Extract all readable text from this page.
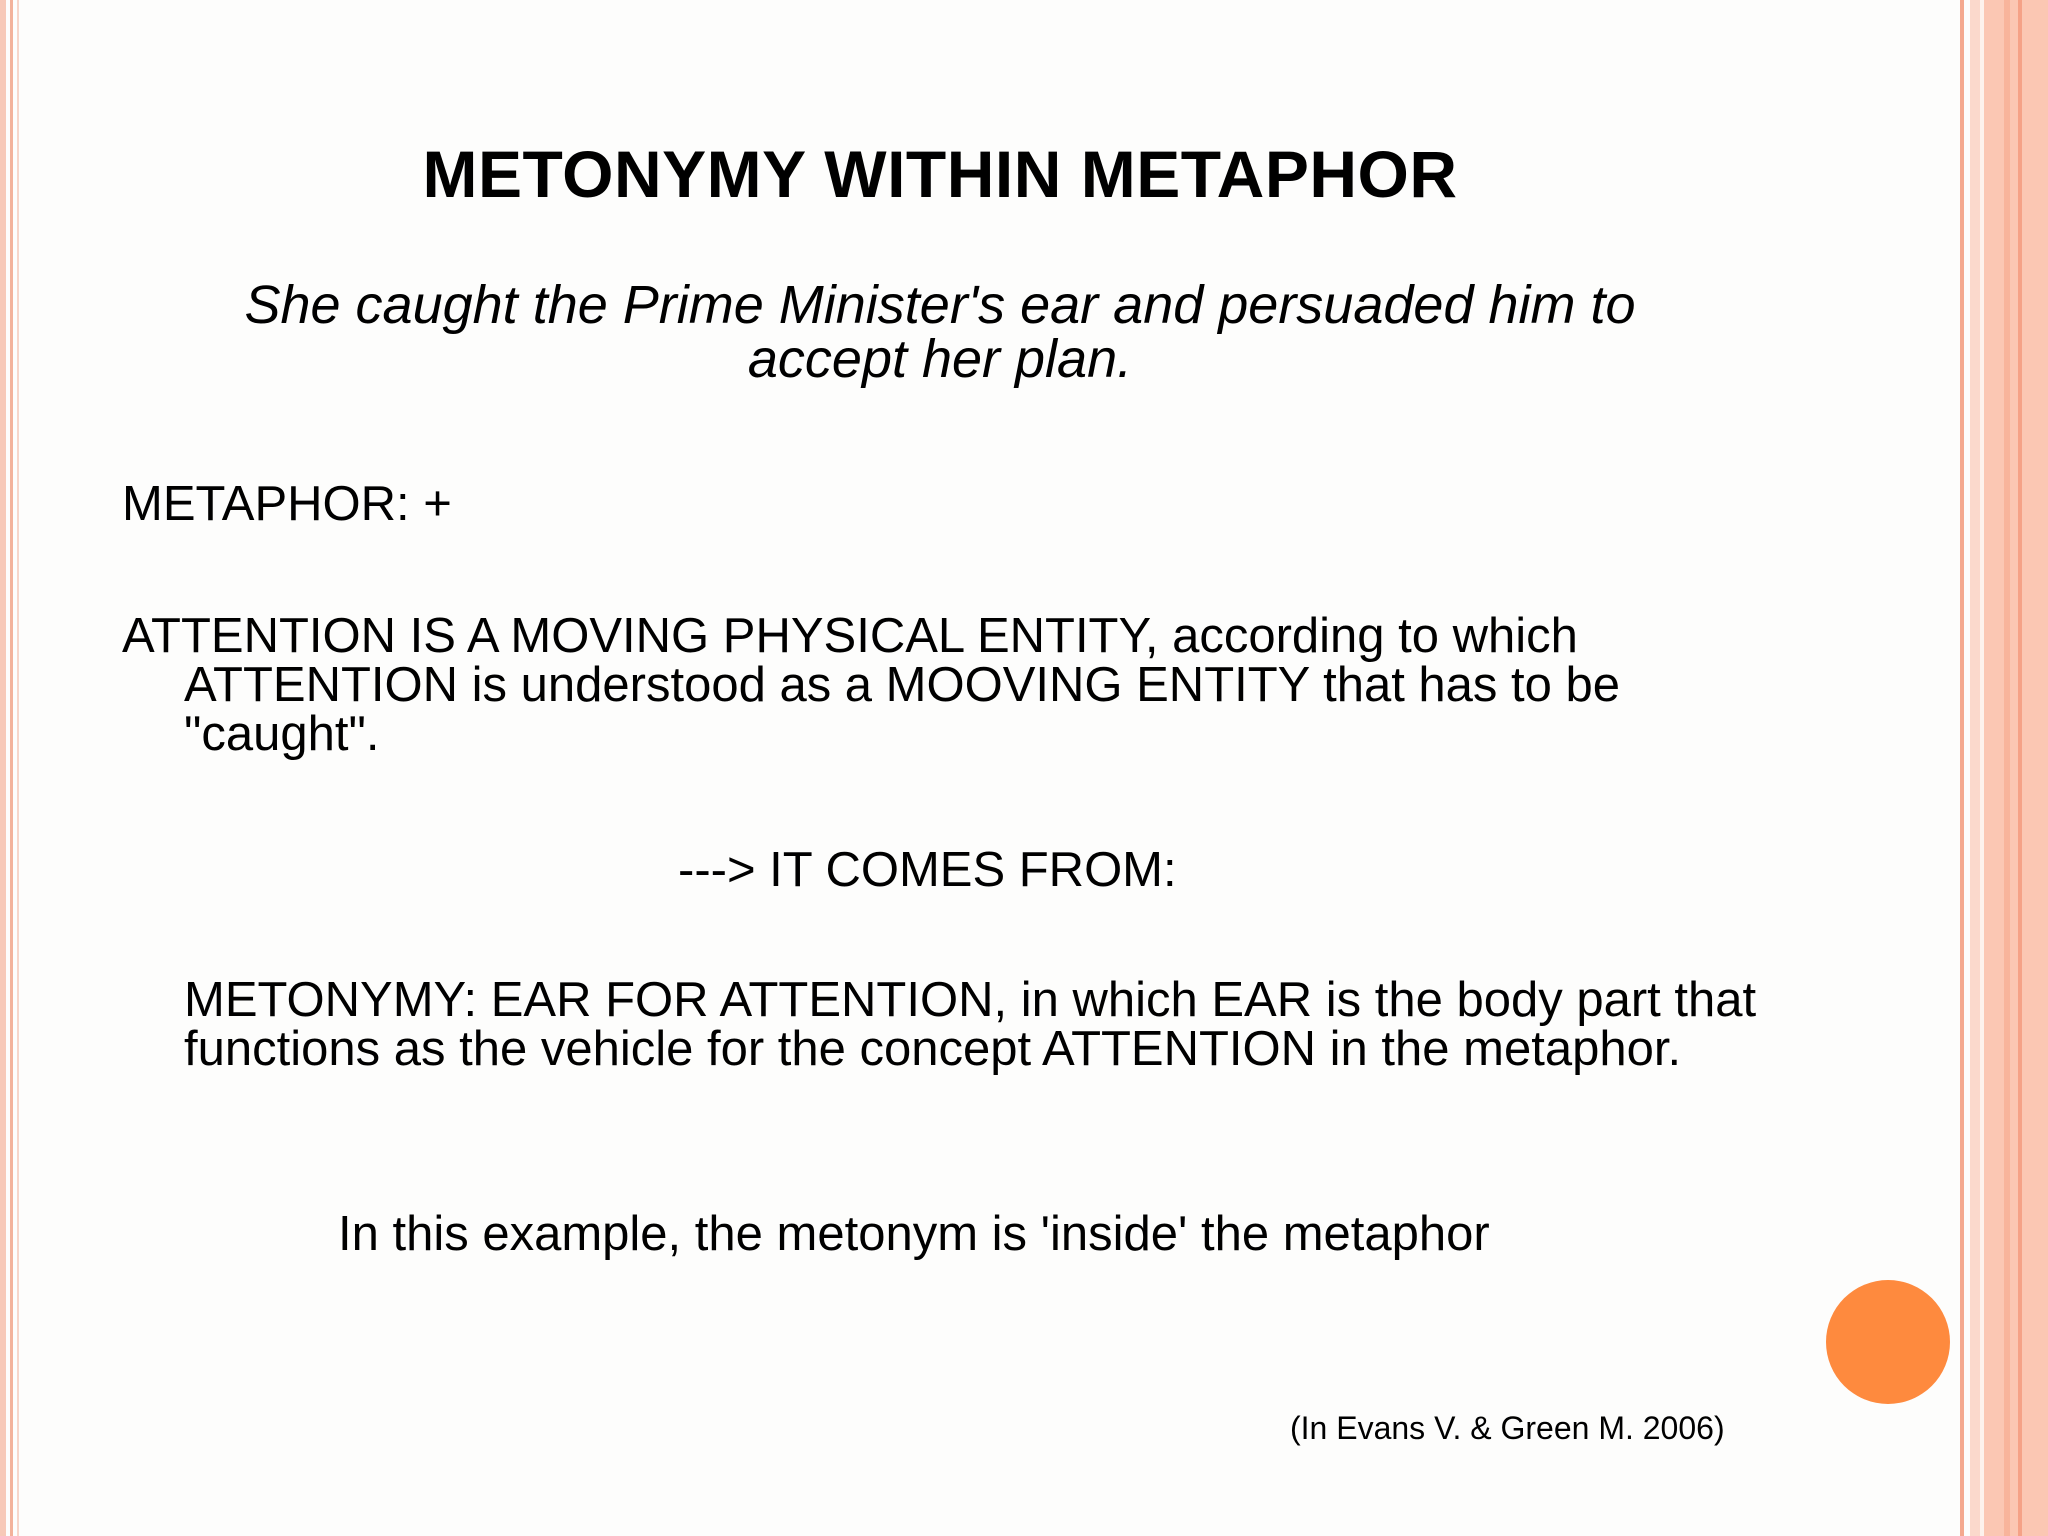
METONYMY WITHIN METAPHOR
She caught the Prime Minister's ear and persuaded him to accept her plan.
METAPHOR: +
ATTENTION IS A MOVING PHYSICAL ENTITY, according to which ATTENTION is understood as a MOOVING ENTITY that has to be "caught".
---> IT COMES FROM:
METONYMY: EAR FOR ATTENTION, in which EAR is the body part that functions as the vehicle for the concept ATTENTION in the metaphor.
In this example, the metonym is 'inside' the metaphor
(In Evans V. & Green M. 2006)
